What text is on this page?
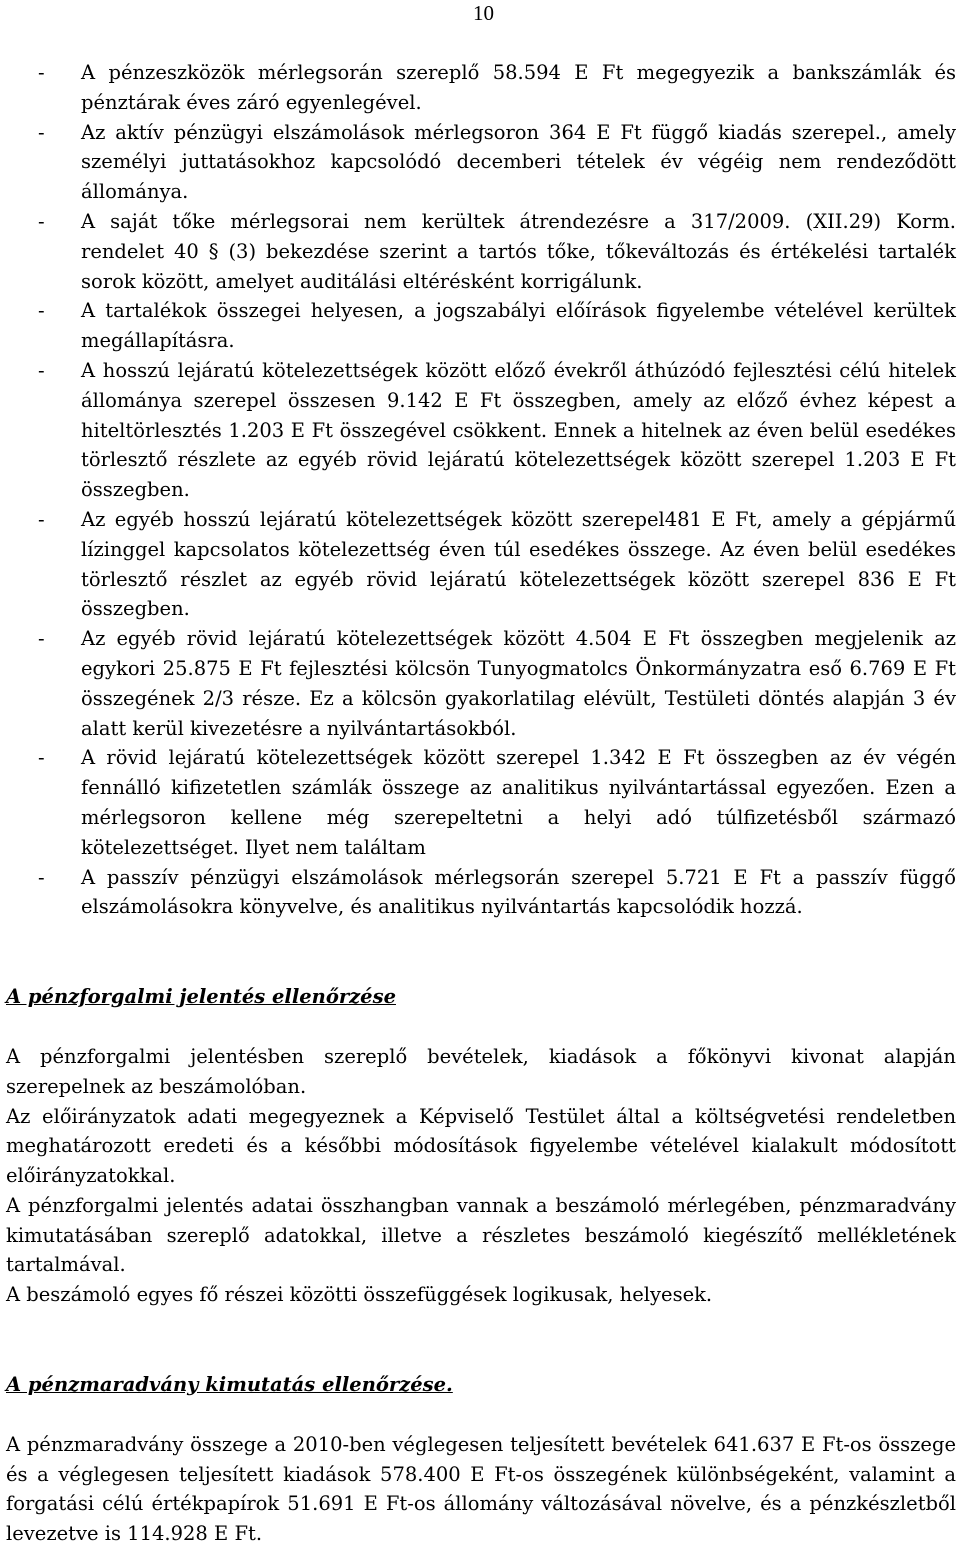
10
- A pénzeszközök mérlegsorán szereplő 58.594 E Ft megegyezik a bankszámlák és pénztárak éves záró egyenlegével.
- Az aktív pénzügyi elszámolások mérlegsoron 364 E Ft függő kiadás szerepel., amely személyi juttatásokhoz kapcsolódó decemberi tételek év végéig nem rendeződött állománya.
- A saját tőke mérlegsorai nem kerültek átrendezésre a 317/2009. (XII.29) Korm. rendelet 40 § (3) bekezdése szerint a tartós tőke, tőkeváltozás és értékelési tartalék sorok között, amelyet auditálási eltérésként korrigálunk.
- A tartalékok összegei helyesen, a jogszabályi előírások figyelembe vételével kerültek megállapításra.
- A hosszú lejáratú kötelezettségek között előző évekről áthúzódó fejlesztési célú hitelek állománya szerepel összesen 9.142 E Ft összegben, amely az előző évhez képest a hiteltörlesztés 1.203 E Ft összegével csökkent. Ennek a hitelnek az éven belül esedékes törlesztő részlete az egyéb rövid lejáratú kötelezettségek között szerepel 1.203 E Ft összegben.
- Az egyéb hosszú lejáratú kötelezettségek között szerepel481 E Ft, amely a gépjármű lízinggel kapcsolatos kötelezettség éven túl esedékes összege. Az éven belül esedékes törlesztő részlet az egyéb rövid lejáratú kötelezettségek között szerepel 836 E Ft összegben.
- Az egyéb rövid lejáratú kötelezettségek között 4.504 E Ft összegben megjelenik az egykori 25.875 E Ft fejlesztési kölcsön Tunyogmatolcs Önkormányzatra eső 6.769 E Ft összegének 2/3 része. Ez a kölcsön gyakorlatilag elévült, Testületi döntés alapján 3 év alatt kerül kivezetésre a nyilvántartásokból.
- A rövid lejáratú kötelezettségek között szerepel 1.342 E Ft összegben az év végén fennálló kifizetetlen számlák összege az analitikus nyilvántartással egyezően. Ezen a mérlegsoron kellene még szerepeltetni a helyi adó túlfizetésből származó kötelezettséget. Ilyet nem találtam
- A passzív pénzügyi elszámolások mérlegsorán szerepel 5.721 E Ft a passzív függő elszámolásokra könyvelve, és analitikus nyilvántartás kapcsolódik hozzá.

A pénzforgalmi jelentés ellenőrzése

A pénzforgalmi jelentésben szereplő bevételek, kiadások a főkönyvi kivonat alapján szerepelnek az beszámolóban.

Az előirányzatok adati megegyeznek a Képviselő Testület által a költségvetési rendeletben meghatározott eredeti és a későbbi módosítások figyelembe vételével kialakult módosított előirányzatokkal.

A pénzforgalmi jelentés adatai összhangban vannak a beszámoló mérlegében, pénzmaradvány kimutatásában szereplő adatokkal, illetve a részletes beszámoló kiegészítő mellékletének tartalmával.

A beszámoló egyes fő részei közötti összefüggések logikusak, helyesek.

A pénzmaradvány kimutatás ellenőrzése.

A pénzmaradvány összege a 2010-ben véglegesen teljesített bevételek 641.637 E Ft-os összege és a véglegesen teljesített kiadások 578.400 E Ft-os összegének különbségeként, valamint a forgatási célú értékpapírok 51.691 E Ft-os állomány változásával növelve, és a pénzkészletből levezetve is 114.928 E Ft.
